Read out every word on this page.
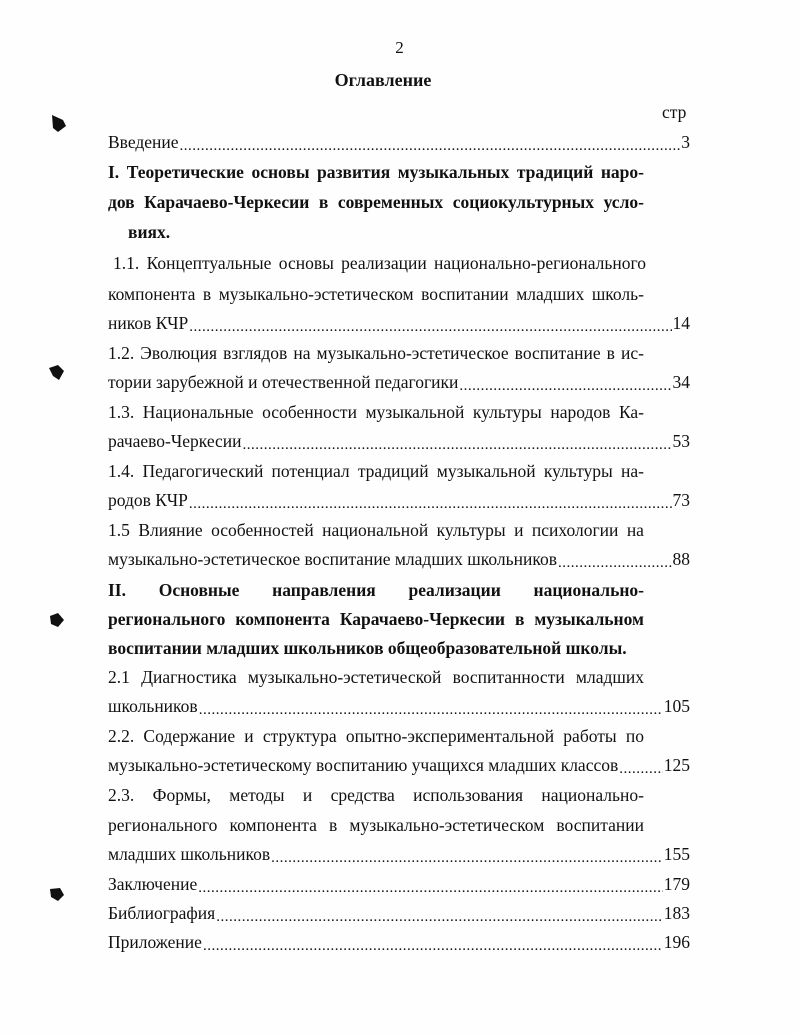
2
Оглавление
стр
Введение .....	3
I. Теоретические основы развития музыкальных традиций наро-
дов Карачаево-Черкесии в современных социокультурных усло-
виях.
1.1. Концептуальные основы реализации национально-регионального
компонента в музыкально-эстетическом воспитании младших школь-
ников КЧР .....	14
1.2. Эволюция взглядов на музыкально-эстетическое воспитание в ис-
тории зарубежной и отечественной педагогики .....	34
1.3. Национальные особенности музыкальной культуры народов Ка-
рачаево-Черкесии .....	53
1.4. Педагогический потенциал традиций музыкальной культуры на-
родов КЧР .....	73
1.5 Влияние особенностей национальной культуры и психологии на
музыкально-эстетическое воспитание младших школьников .....	88
II. Основные направления реализации национально-
регионального компонента Карачаево-Черкесии в музыкальном
воспитании младших школьников общеобразовательной школы.
2.1 Диагностика музыкально-эстетической воспитанности младших
школьников .....	105
2.2. Содержание и структура опытно-экспериментальной работы по
музыкально-эстетическому воспитанию учащихся младших классов .....	125
2.3. Формы, методы и средства использования национально-
регионального компонента в музыкально-эстетическом воспитании
младших школьников .....	155
Заключение .....	179
Библиография .....	183
Приложение .....	196
